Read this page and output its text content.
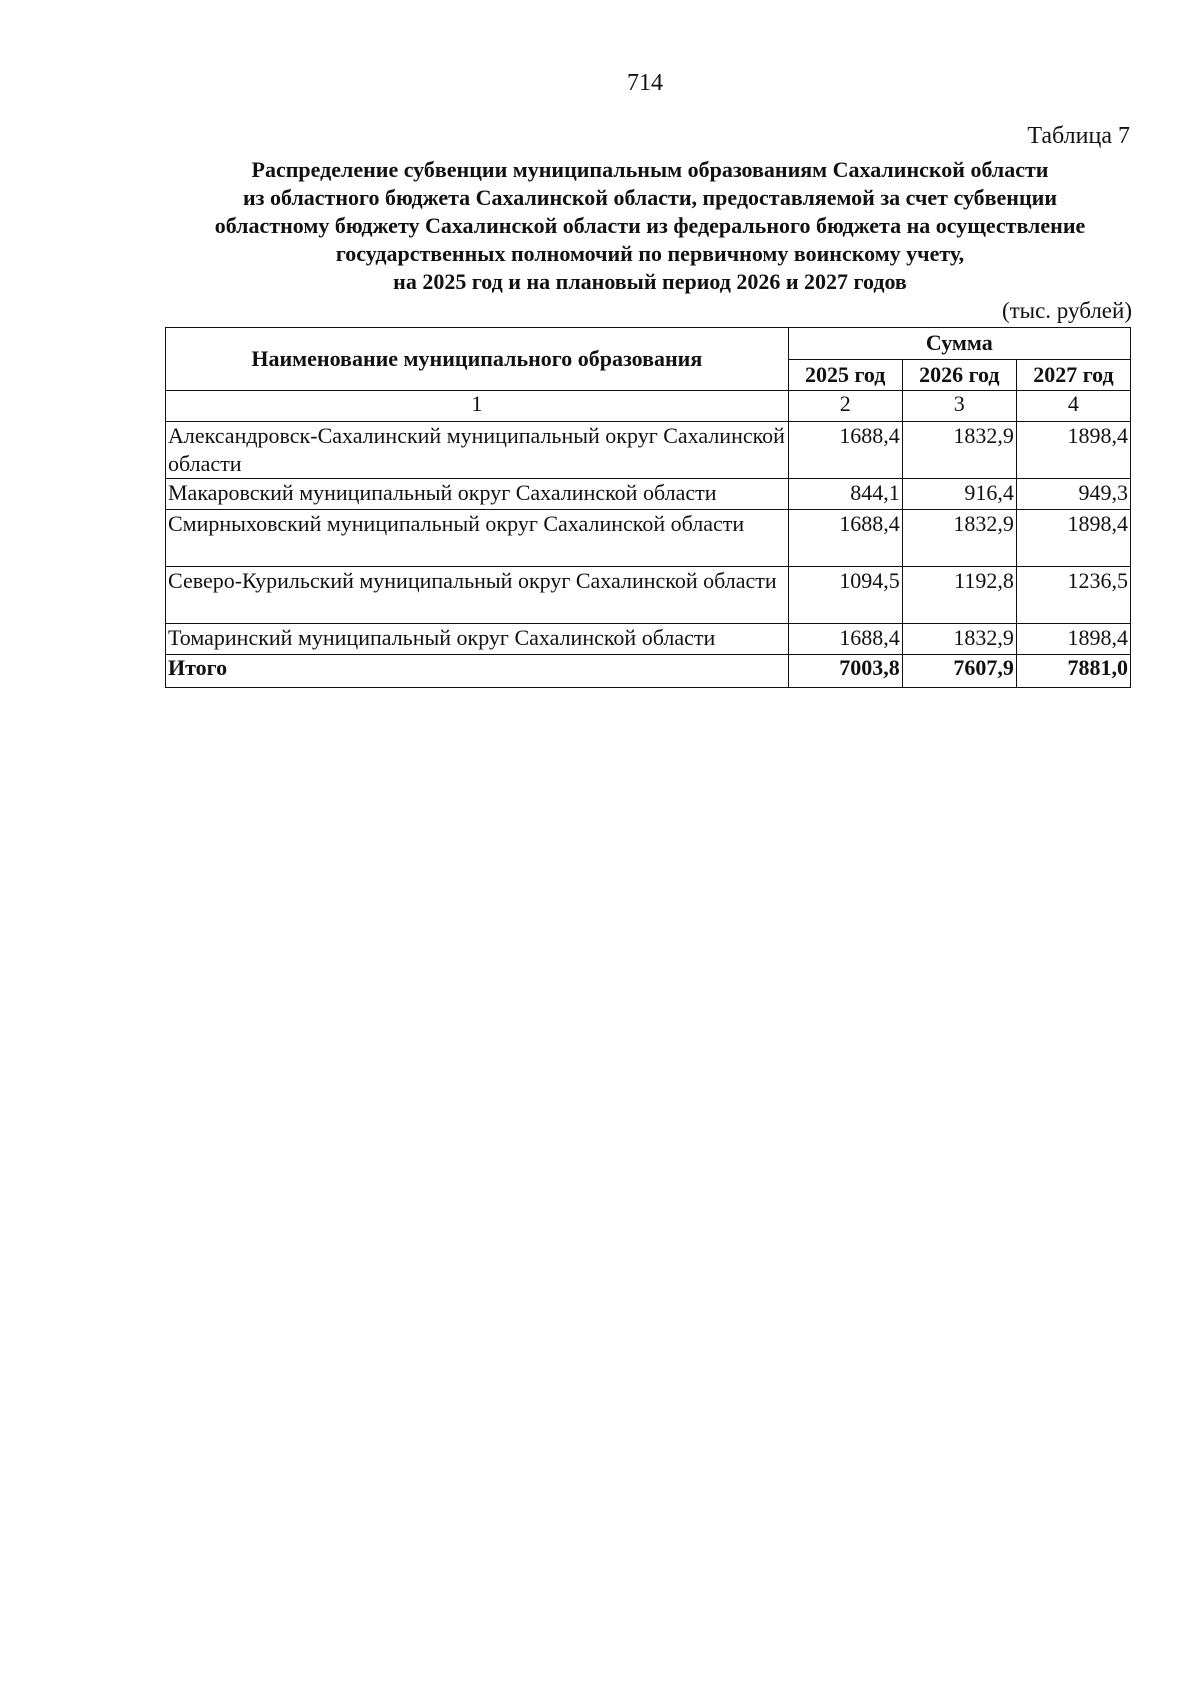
714
Таблица 7
Распределение субвенции муниципальным образованиям Сахалинской области
из областного бюджета Сахалинской области, предоставляемой за счет субвенции
областному бюджету Сахалинской области из федерального бюджета на осуществление
государственных полномочий по первичному воинскому учету,
на 2025 год и на плановый период 2026 и 2027 годов
(тыс. рублей)
Наименование муниципального образования	Сумма		
	2025 год	2026 год	2027 год
1	2	3	4
Александровск-Сахалинский муниципальный округ Сахалинской области	1688,4	1832,9	1898,4
Макаровский муниципальный округ Сахалинской области	844,1	916,4	949,3
Смирныховский муниципальный округ Сахалинской области	1688,4	1832,9	1898,4
Северо-Курильский муниципальный округ Сахалинской области	1094,5	1192,8	1236,5
Томаринский муниципальный округ Сахалинской области	1688,4	1832,9	1898,4
Итого	7003,8	7607,9	7881,0
